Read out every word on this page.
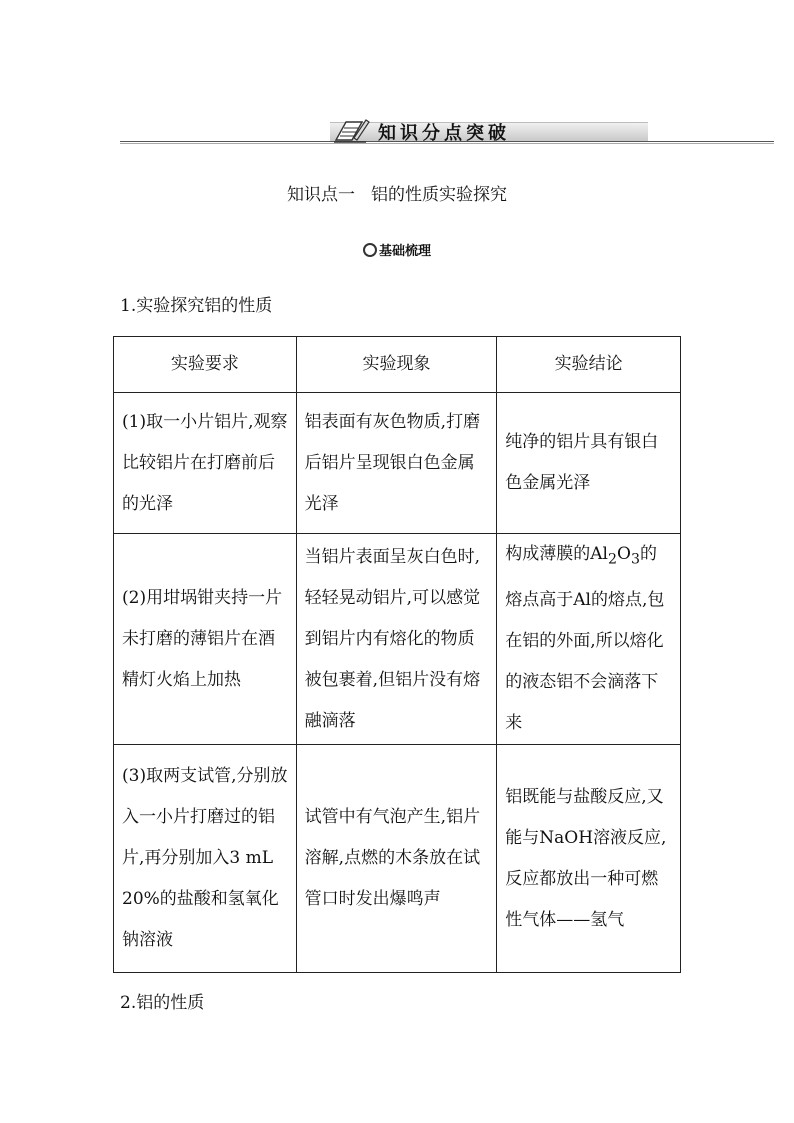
知识分点突破
知识点一 铝的性质实验探究
基础梳理
1.实验探究铝的性质
实验要求	实验现象	实验结论
(1)取一小片铝片,观察比较铝片在打磨前后的光泽	铝表面有灰色物质,打磨后铝片呈现银白色金属光泽	纯净的铝片具有银白色金属光泽
(2)用坩埚钳夹持一片未打磨的薄铝片在酒精灯火焰上加热	当铝片表面呈灰白色时,轻轻晃动铝片,可以感觉到铝片内有熔化的物质被包裹着,但铝片没有熔融滴落	构成薄膜的$Al_2O_3$的熔点高于Al的熔点,包在铝的外面,所以熔化的液态铝不会滴落下来
(3)取两支试管,分别放入一小片打磨过的铝片,再分别加入3 mL 20%的盐酸和氢氧化钠溶液	试管中有气泡产生,铝片溶解,点燃的木条放在试管口时发出爆鸣声	铝既能与盐酸反应,又能与NaOH溶液反应,反应都放出一种可燃性气体——氢气
2.铝的性质
